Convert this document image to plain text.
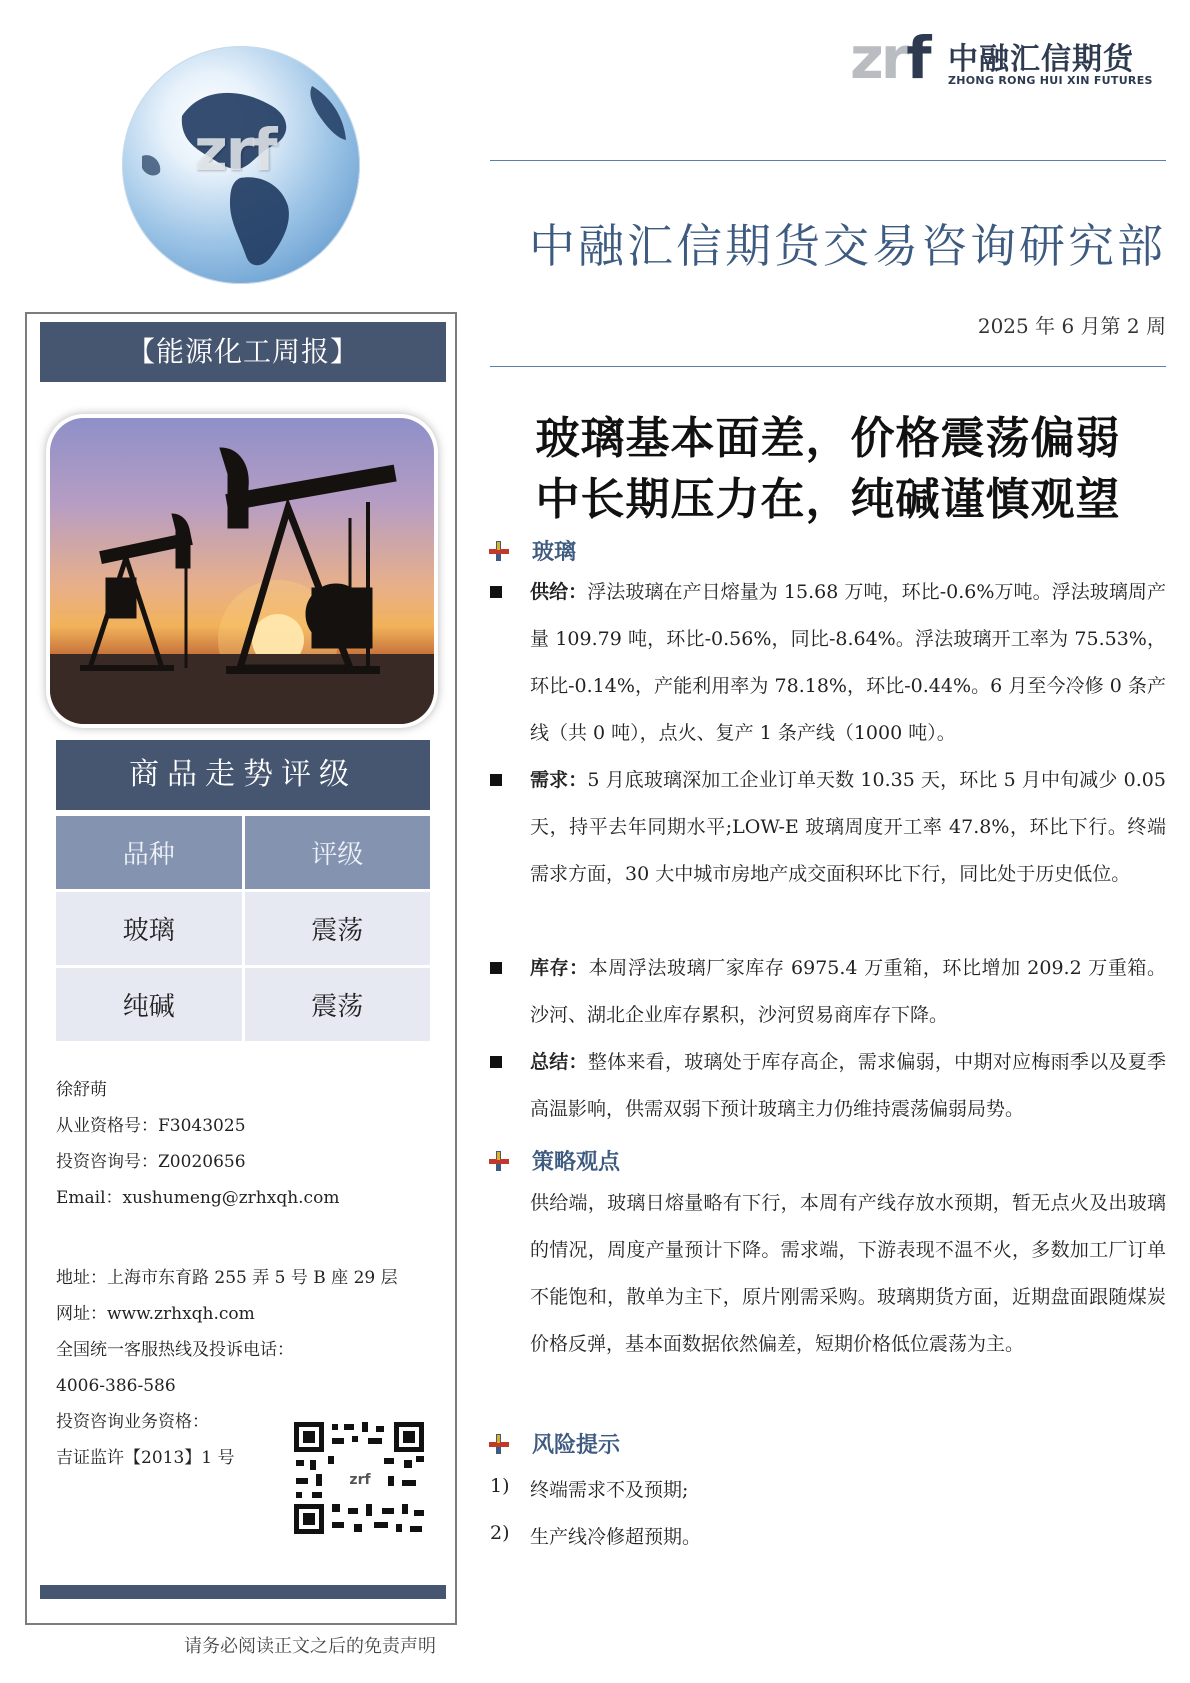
zrf
zrf 中融汇信期货
ZHONG RONG HUI XIN FUTURES
中融汇信期货交易咨询研究部
2025 年 6 月第 2 周
玻璃基本面差，价格震荡偏弱
中长期压力在，纯碱谨慎观望
【能源化工周报】
商品走势评级
品种	评级
玻璃	震荡
纯碱	震荡
徐舒萌
从业资格号：F3043025
投资咨询号：Z0020656
Email：xushumeng@zrhxqh.com
地址：上海市东育路 255 弄 5 号 B 座 29 层
网址：www.zrhxqh.com
全国统一客服热线及投诉电话：
4006-386-586
投资咨询业务资格：
吉证监许【2013】1 号
zrf
请务必阅读正文之后的免责声明
玻璃
供给：浮法玻璃在产日熔量为 15.68 万吨，环比-0.6%万吨。浮法玻璃周产量 109.79 吨，环比-0.56%，同比-8.64%。浮法玻璃开工率为 75.53%，环比-0.14%，产能利用率为 78.18%，环比-0.44%。6 月至今冷修 0 条产线（共 0 吨），点火、复产 1 条产线（1000 吨）。
需求：5 月底玻璃深加工企业订单天数 10.35 天，环比 5 月中旬减少 0.05 天，持平去年同期水平;LOW-E 玻璃周度开工率 47.8%，环比下行。终端需求方面，30 大中城市房地产成交面积环比下行，同比处于历史低位。
库存：本周浮法玻璃厂家库存 6975.4 万重箱，环比增加 209.2 万重箱。沙河、湖北企业库存累积，沙河贸易商库存下降。
总结：整体来看，玻璃处于库存高企，需求偏弱，中期对应梅雨季以及夏季高温影响，供需双弱下预计玻璃主力仍维持震荡偏弱局势。
策略观点
供给端，玻璃日熔量略有下行，本周有产线存放水预期，暂无点火及出玻璃的情况，周度产量预计下降。需求端，下游表现不温不火，多数加工厂订单不能饱和，散单为主下，原片刚需采购。玻璃期货方面，近期盘面跟随煤炭价格反弹，基本面数据依然偏差，短期价格低位震荡为主。
风险提示
1) 终端需求不及预期;
2) 生产线冷修超预期。
